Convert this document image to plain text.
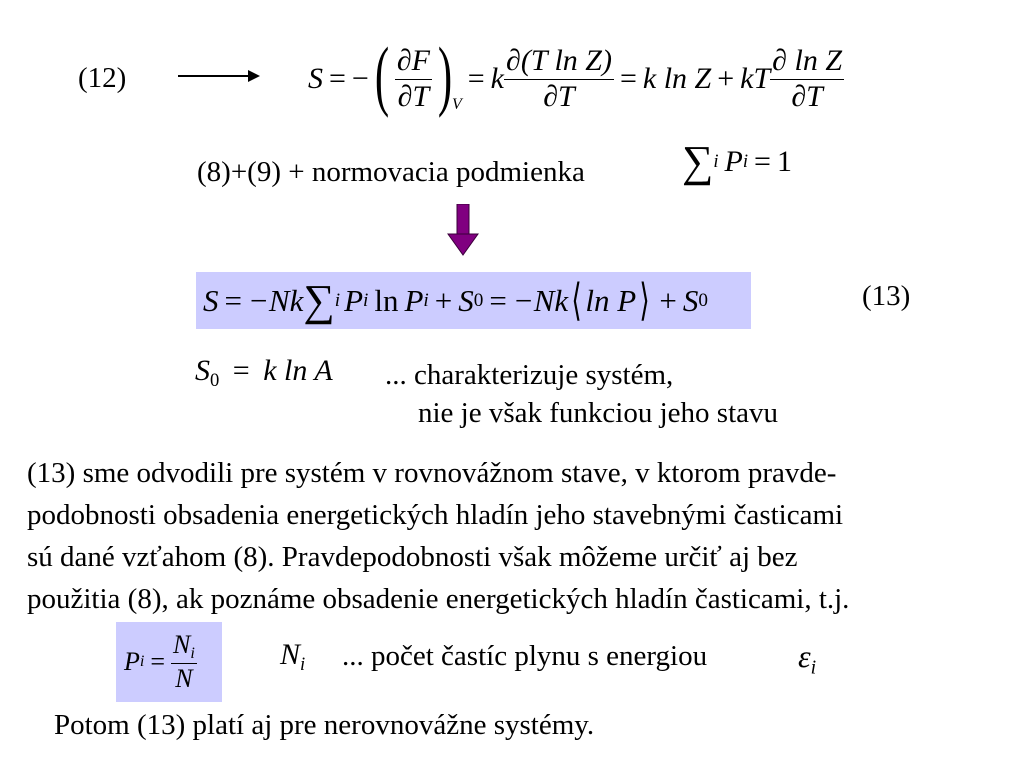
(12)	S = − ( $\frac{\partial F}{\partial T}$ ) V
= k $\frac{\text{∂(T ln Z)}}{\partial T} = k$ ln Z + kT $\frac{\text{∂ ln Z}}{\partial T}$
(8)+(9) + normovacia podmienka ∑ i P i = 1
S = −Nk ∑ i P i ln P i + S 0 = −Nk ⟨ ln P ⟩ + S 0	(13)
$S_0 = k$ ln A ... charakterizuje systém,
nie je však funkciou jeho stavu

(13) sme odvodili pre systém v rovnovážnom stave, v ktorom pravde-

podobnosti obsadenia energetických hladín jeho stavebnými časticami

sú dané vzťahom (8). Pravdepodobnosti však môžeme určiť aj bez

použitia (8), ak poznáme obsadenie energetických hladín časticami, t.j.

P $i = \frac{N_i}{N}$	$N_i$ ... počet častíc plynu s energiou	$\varepsilon_i$
Potom (13) platí aj pre nerovnovážne systémy.
